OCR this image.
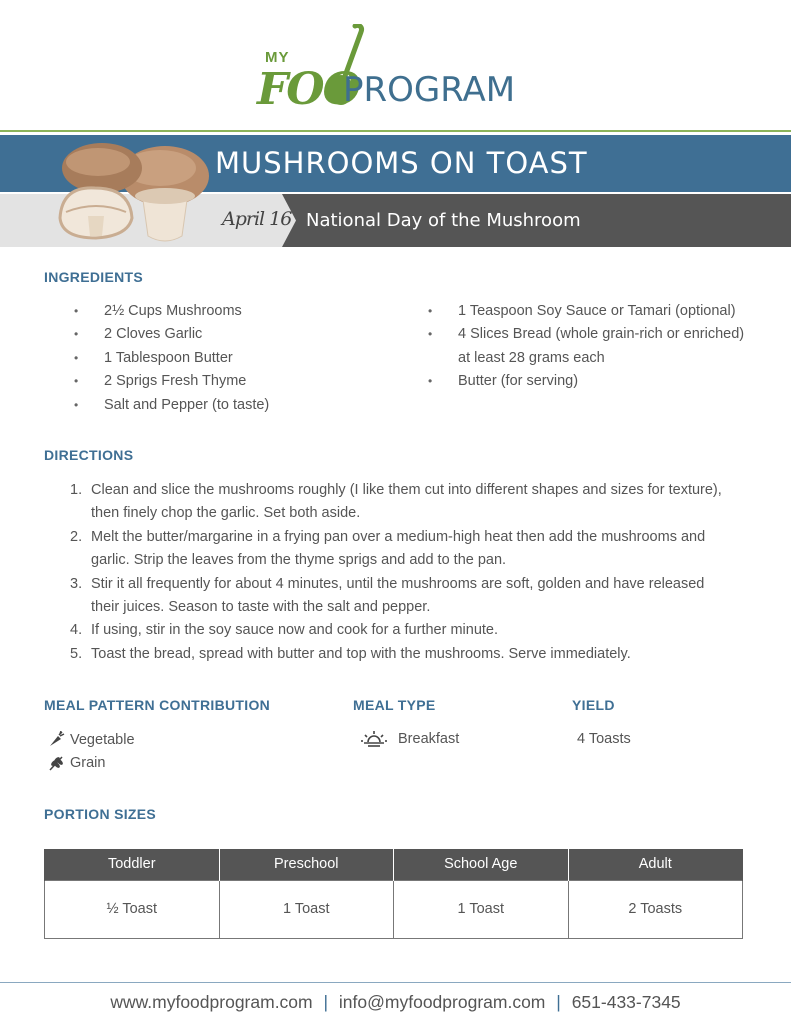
MY
FOO
PROGRAM
MUSHROOMS ON TOAST
April 16 National Day of the Mushroom
INGREDIENTS
• 2½ Cups Mushrooms
• 2 Cloves Garlic
• 1 Tablespoon Butter
• 2 Sprigs Fresh Thyme
• Salt and Pepper (to taste)
• 1 Teaspoon Soy Sauce or Tamari (optional)
• 4 Slices Bread (whole grain-rich or enriched)
at least 28 grams each
• Butter (for serving)
DIRECTIONS
1. Clean and slice the mushrooms roughly (I like them cut into different shapes and sizes for texture),
then finely chop the garlic. Set both aside.
2. Melt the butter/margarine in a frying pan over a medium-high heat then add the mushrooms and
garlic. Strip the leaves from the thyme sprigs and add to the pan.
3. Stir it all frequently for about 4 minutes, until the mushrooms are soft, golden and have released
their juices. Season to taste with the salt and pepper.
4. If using, stir in the soy sauce now and cook for a further minute.
5. Toast the bread, spread with butter and top with the mushrooms. Serve immediately.
MEAL PATTERN CONTRIBUTION
Vegetable
Grain
MEAL TYPE
Breakfast
YIELD
4 Toasts
PORTION SIZES
Toddler	Preschool	School Age	Adult
½ Toast	1 Toast	1 Toast	2 Toasts
www.myfoodprogram.com | info@myfoodprogram.com | 651-433-7345
